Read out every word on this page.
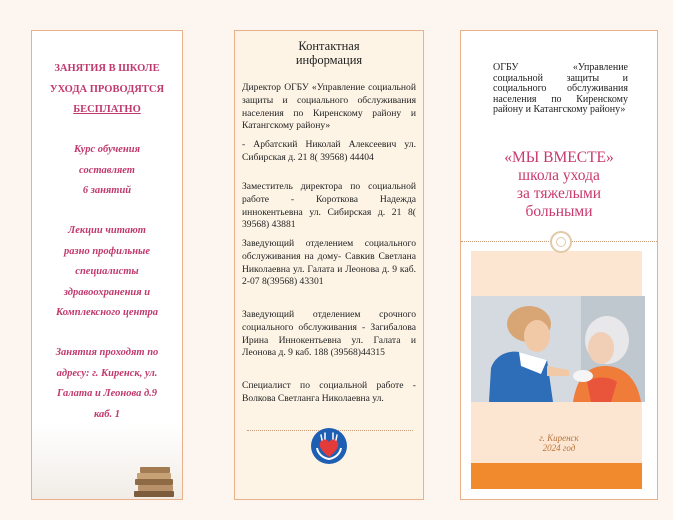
ЗАНЯТИЯ В ШКОЛЕ
УХОДА ПРОВОДЯТСЯ
БЕСПЛАТНО
Курс обучения
составляет
6 занятий
Лекции читают
разно профильные
специалисты
здравоохранения и
Комплексного центра
Занятия проходят по
адресу: г. Киренск, ул.
Галата и Леонова д.9
каб. 1
Контактная
информация
Директор ОГБУ «Управление социальной защиты и социального обслуживания населения по Киренскому району и Катангскому району»
- Арбатский Николай Алексеевич ул. Сибирская д. 21 8( 39568) 44404
Заместитель директора по социальной работе - Короткова Надежда иннокентьевна ул. Сибирская д. 21 8( 39568) 43881
Заведующий отделением социального обслуживания на дому- Савкив Светлана Николаевна ул. Галата и Леонова д. 9 каб. 2-07 8(39568) 43301
Заведующий отделением срочного социального обслуживания - Загибалова Ирина Иннокентьевна ул. Галата и Леонова д. 9 каб. 188 (39568)44315
Специалист по социальной работе - Волкова Светланга Николаевна ул.
ОГБУ «Управление социальной защиты и социального обслуживания населения по Киренскому району и Катангскому району»
«МЫ ВМЕСТЕ»
школа ухода
за тяжелыми
больными
г. Киренск
2024 год
